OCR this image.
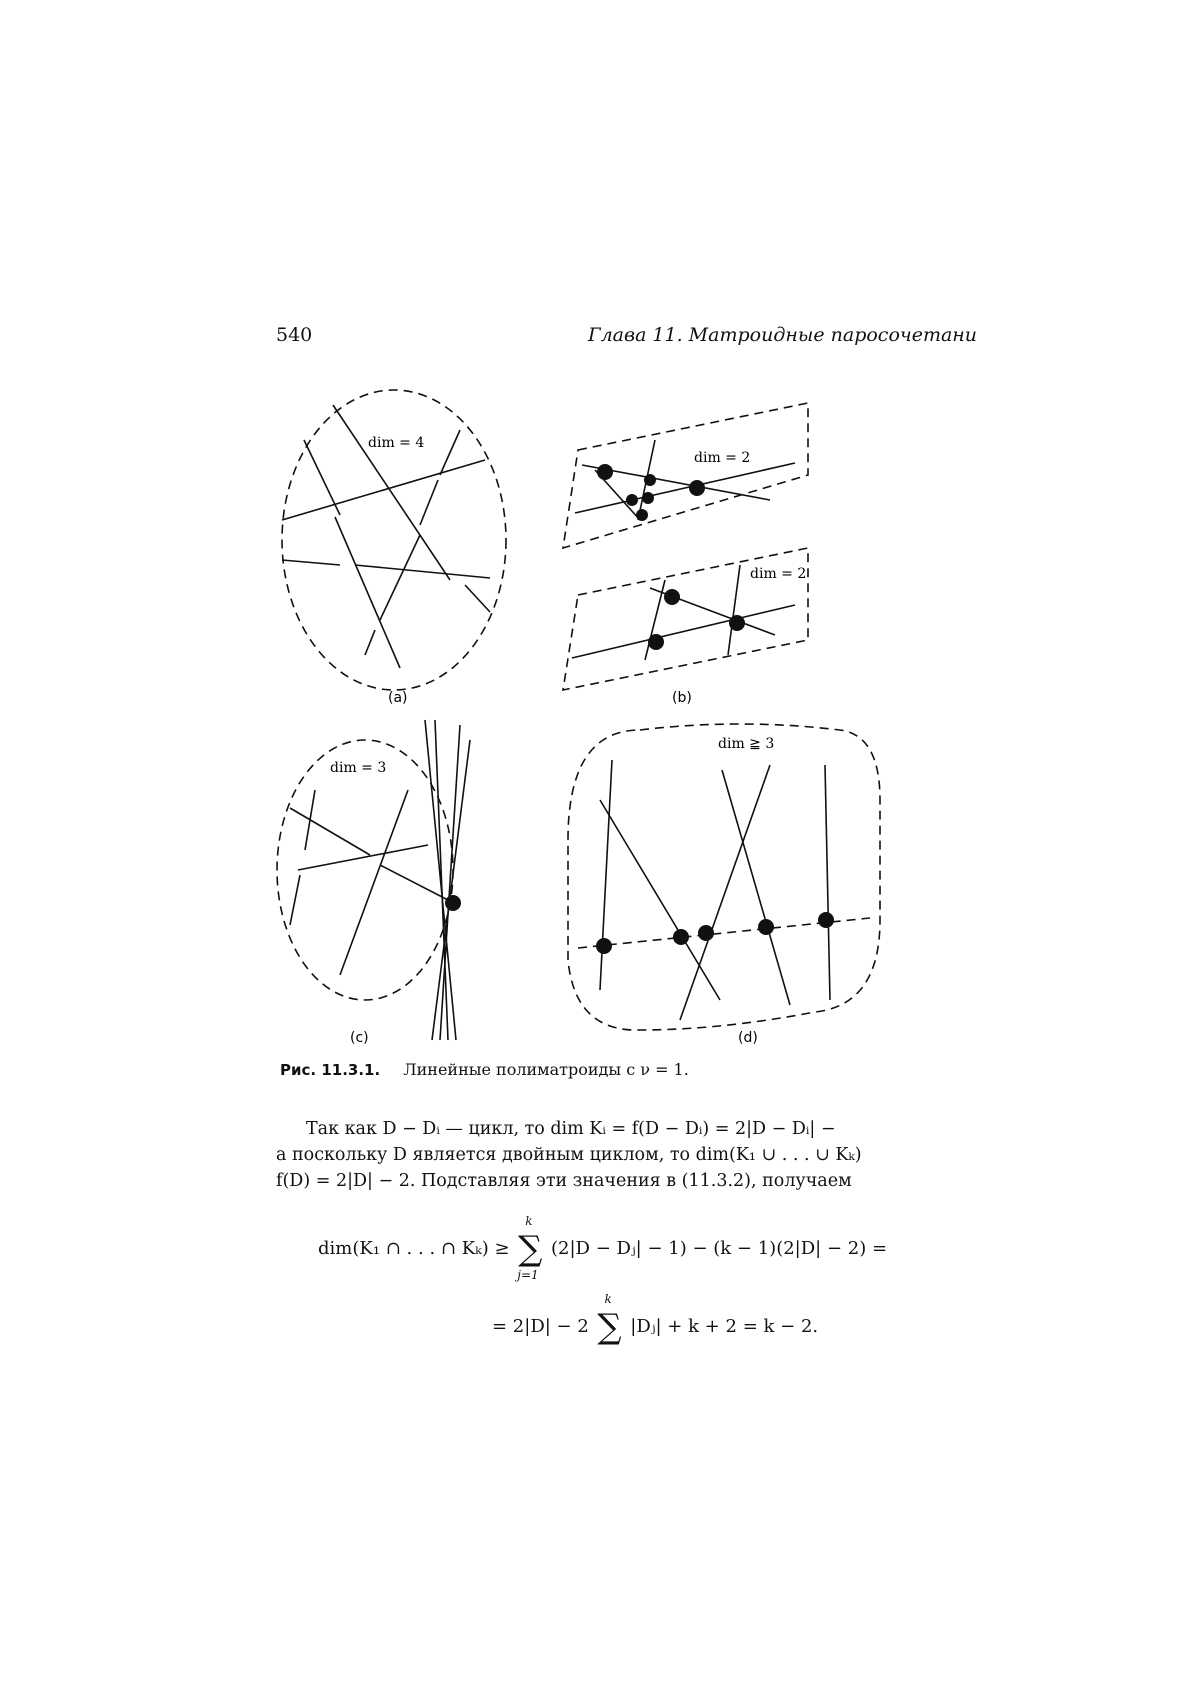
540	Глава 11. Матроидные паросочетани
dim = 4
(a)
dim = 2
dim = 2
(b)
dim = 3
(c)
dim ≧ 3
(d)
Рис. 11.3.1. Линейные полиматроиды с ν = 1.
Так как D − Dᵢ — цикл, то dim Kᵢ = f(D − Dᵢ) = 2|D − Dᵢ| −
а поскольку D является двойным циклом, то dim(K₁ ∪ . . . ∪ Kₖ)
f(D) = 2|D| − 2. Подставляя эти значения в (11.3.2), получаем
dim(K₁ ∩ . . . ∩ Kₖ) ≥
k
∑
j=1
(2|D − Dⱼ| − 1) − (k − 1)(2|D| − 2) =
= 2|D| − 2
k
∑ |Dⱼ| + k + 2 = k − 2.
